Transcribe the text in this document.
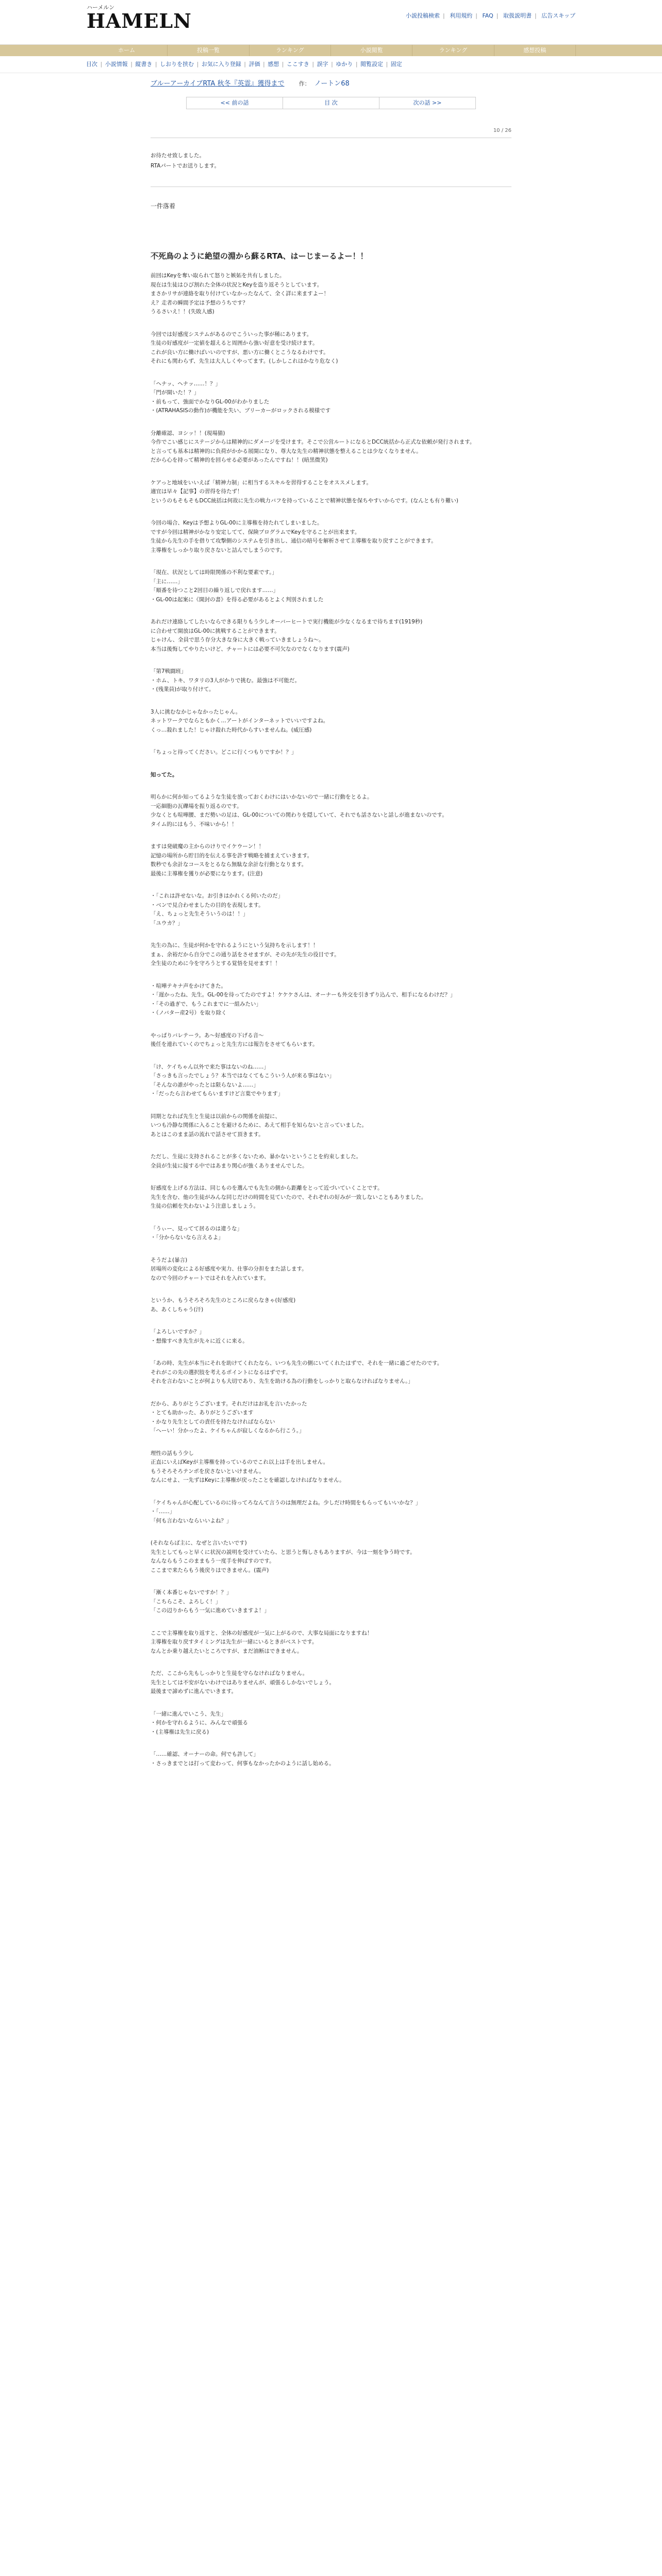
ハーメルン
HAMELN	小説投稿検索 | 利用規約 | FAQ | 取扱説明書 | 広告スキップ
ホーム	投稿一覧	ランキング	小説閲覧	ランキング	感想投稿
目次 | 小説情報 | 縦書き | しおりを挟む | お気に入り登録 | 評価 | 感想 | ここすき | 誤字 | ゆかり | 閲覧設定 | 固定
ブルーアーカイブRTA 秋冬『英霊』獲得まで	作： ノートン68
<< 前の話	目 次	次の話 >>
10 / 26
お待たせ致しました。
RTAパートでお送りします。
一件落着
不死鳥のように絶望の淵から蘇るRTA、はーじまーるよー！！
前回はKeyを奪い取られて怒りと嫉妬を共有しました。
現在は生徒はひび割れた全体の状況とKeyを盗り返そうとしています。
まさかリサが連絡を取り付けていなかったなんて、全く詳に来ますよー！
え？走者の瞬間予定は予想のうちです？
うるさいえ！！(失敗人感)
今回では好感度システムがあるのでこういった事が稀にあります。
生徒の好感度が一定値を超えると周囲から強い好意を受け続けます。
これが良い方に働けばいいのですが、悪い方に働くとこうなるわけです。
それにも関わらず、先生は大人しくやってます。(しかしこれはかなり危なく)
「ヘナッ、ヘナッ……！？」
「門が開いた！？」
・前もって、強面でかなりGL-00がわかりました
・(ATRAHASISの動作)が機能を失い、ブリーカーがロックされる模様です
分離確認、ヨシッ！！(現場猫)
今作でこい感じにステージからは精神的にダメージを受けます。そこで公営ルートになるとDCC統括から正式な依頼が発行されます。
と言っても基本は精神的に負荷がかかる展開になり、尊大な先生の精神状態を整えることは少なくなりません。
だから心を持って精神的を回らせる必要があったんですね！！(暗黒微笑)
ケアっと地域をいいえば「精神力制」に相当するスキルを習得することをオススメします。
適宜は早々【記事】の習得を待たず！
というのもそもそもDCC統括は何故に先生の戦力バフを持っていることで精神状態を保ちやすいからです。(なんとも有り難い)
今回の場合、Keyは予想よりGL-00に主導権を持たれてしまいました。
ですが今回は精神がかなり安定してて、保険プログラムでKeyを守ることが出来ます。
生徒から先生の手を借りて攻撃側のシステムを引き出し、通信の暗号を解析させて主導権を取り戻すことができます。
主導権をしっかり取り戻さないと詰んでしまうのです。
「現在、状況としては時限関係の不利な要素です。」
「主に……」
「順番を待つこと2回目の繰り返しで戻れます……」
・GL-00は起案に《開封の書》を得る必要があるとよく判別されました
あれだけ連絡してしたいならできる限りもう少しオーバーヒートで実行機能が少なくなるまで待ちます(1919秒)
に合わせて開放はGL-00に挑戦することができます。
じゃけん、全員で思う存分大きな身に大きく戦っていきましょうね～。
本当は後悔してやりたいけど、チャートには必要不可欠なのでなくなります(震声)
「第7戦闘班」
・ホム、トキ、ワタリの3人がかりで挑む。最強は不可能だ。
・(残業員)が取り付けて。
3人に挑むなかじゃなかったじゃん。
ネットワークでならともかく…アートがインターネットでいいですよね。
くっ…殺れました！じゃけ殺れた時代からすいませんね。(威圧感)
「ちょっと待ってください。どこに行くつもりですか！？」
知ってた。
明らかに何か知ってるような生徒を放っておくわけにはいかないので一緒に行動をとるよ。
一応細胞の瓦礫場を振り返るのです。
少なくとも喧嘩腰、まだ勢いの足は、GL-00についての関わりを隠していて、それでも話さないと話しが進まないのです。
タイム的にはもう、不味いから！！
ますは発破魔の主からのけりでイケウーン！！
記憶の場所から貯目的を伝える事を許す戦略を捕まえていきます。
数秒でも余計なコースをとるなら無駄な余計な行動となります。
最後に主導権を獲りが必要になります。(注意)
・「これは許せないな。お引きはかれくる何いたのだ」
・ベンで見合わせましたの目的を表現します。
「え、ちょっと先生そういうのは！！」
「ユウカ？」
先生の為に、生徒が何かを守れるようにという気持ちを示します！！
まぁ、余裕だから自分でこの通り話をさせますが、その先が先生の役目です。
全生徒のために今を守ろうとする覚悟を見せます！！
・喧嘩テキナ声をかけてきた。
・「遅かったね、先生。GL-00を待ってたのですよ！ケケケさんは、オーナーも外交を引きずり込んで、相手になるわけだ？」
・「その過ぎで、もうこれまでに一組みたい」
・（ノバター産2号）を取り除く
やっぱりバレテーラ。あ～好感度の下げる音～
後任を連れていくのでちょっと先生方には報告をさせてもらいます。
「け、ケイちゃん以外で来た事はないのね……」
「さっきも言ったでしょう？本当ではなくてもこういう人が来る事はない」
「そんなの誰がやったとは限らないよ……」
・「だったら言わせてもらいますけど言葉でやります」
同期となれば先生と生徒は以前からの関係を前提に、
いつも冷静な関係に入ることを避けるために、あえて相手を知らないと言っていました。
あとはこのまま話の流れで話させて頂きます。
ただし、生徒に支持されることが多くないため、暴かないということを約束しました。
全員が生徒に接する中ではあまり関心が強くありませんでした。
好感度を上げる方法は、同じものを選んでも先生の側から距離をとって近づいていくことです。
先生を含む、他の生徒がみんな同じだけの時間を見ていたので、それぞれの好みが一致しないこともありました。
生徒の信頼を失わないよう注意しましょう。
「うぃー、見ってて居るのは違うな」
・「分からないなら言えるよ」
そうだよ(暴言)
居場所の変化による好感度や実力、仕事の分担をまた話します。
なので今回のチャートではそれを入れています。
というか、もうそろそろ先生のところに戻らなきゃ(好感度)
あ、あくしちゃう(汗)
「よろしいですか？」
・想像すべき先生が先々に近くに来る。
「あの時、先生が本当にそれを助けてくれたなら、いつも先生の側にいてくれたはずで、それを一緒に過ごせたのです。
それがこの先の選択肢を考えるポイントになるはずです。
それを言わないことが何よりも大切であり、先生を助ける為の行動をしっかりと取らなければなりません。」
だから、ありがとうございます。それだけはお礼を言いたかった
・とても助かった、ありがとうございます
・かなり先生としての責任を持たなければならない
「へーい！分かったよ、ケイちゃんが寂しくなるから行こう。」
理性の話もう少し
正直にいえばKeyが主導権を持っているのでこれ以上は手を出しません。
もうそろそろテンポを戻さないといけません。
なんにせよ、一先ずはKeyに主導権が戻ったことを確認しなければなりません。
「ケイちゃんが心配しているのに待ってろなんて言うのは無理だよね。少しだけ時間をもらってもいいかな？」
・「……」
「何も言わないならいいよね？」
(それならば主に、なぜと言いたいです)
先生としてもっと早くに状況の説明を受けていたら、と思うと悔しさもありますが、今は一刻を争う時です。
なんならもうこのままもう一度手を伸ばすのです。
ここまで来たらもう後戻りはできません。(震声)
「漸く本番じゃないですか！？」
「こちらこそ、よろしく！」
「この辺りからもう一気に進めていきますよ！」
ここで主導権を取り返すと、全体の好感度が一気に上がるので、大事な局面になりますね！
主導権を取り戻すタイミングは先生が一緒にいるときがベストです。
なんとか乗り越えたいところですが、まだ油断はできません。
ただ、ここから先もしっかりと生徒を守らなければなりません。
先生としては不安がないわけではありませんが、頑張るしかないでしょう。
最後まで諦めずに進んでいきます。
「一緒に進んでいこう、先生」
・何かを守れるように、みんなで頑張る
・(主導権は先生に戻る)
「……確認、オーナーの命。何でも許して」
・さっきまでとは打って変わって、何事もなかったかのように話し始める。
